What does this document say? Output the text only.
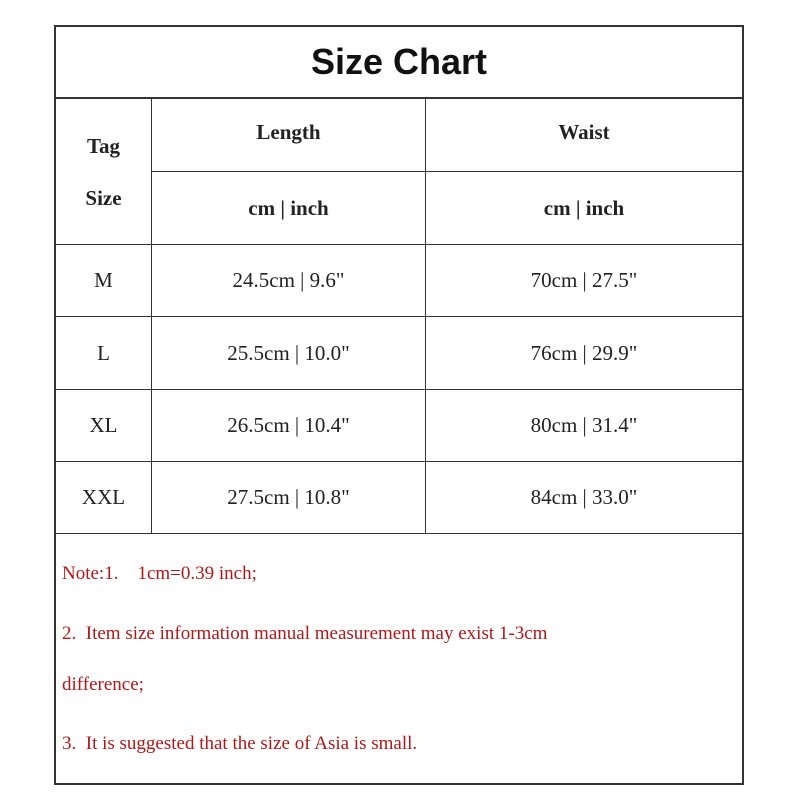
Size Chart
Tag
Size
Length	Waist
cm | inch	cm | inch
M	24.5cm | 9.6"	70cm | 27.5"
L	25.5cm | 10.0"	76cm | 29.9"
XL	26.5cm | 10.4"	80cm | 31.4"
XXL	27.5cm | 10.8"	84cm | 33.0"
Note:1.    1cm=0.39 inch;
2.  Item size information manual measurement may exist 1-3cm
difference;
3.  It is suggested that the size of Asia is small.
